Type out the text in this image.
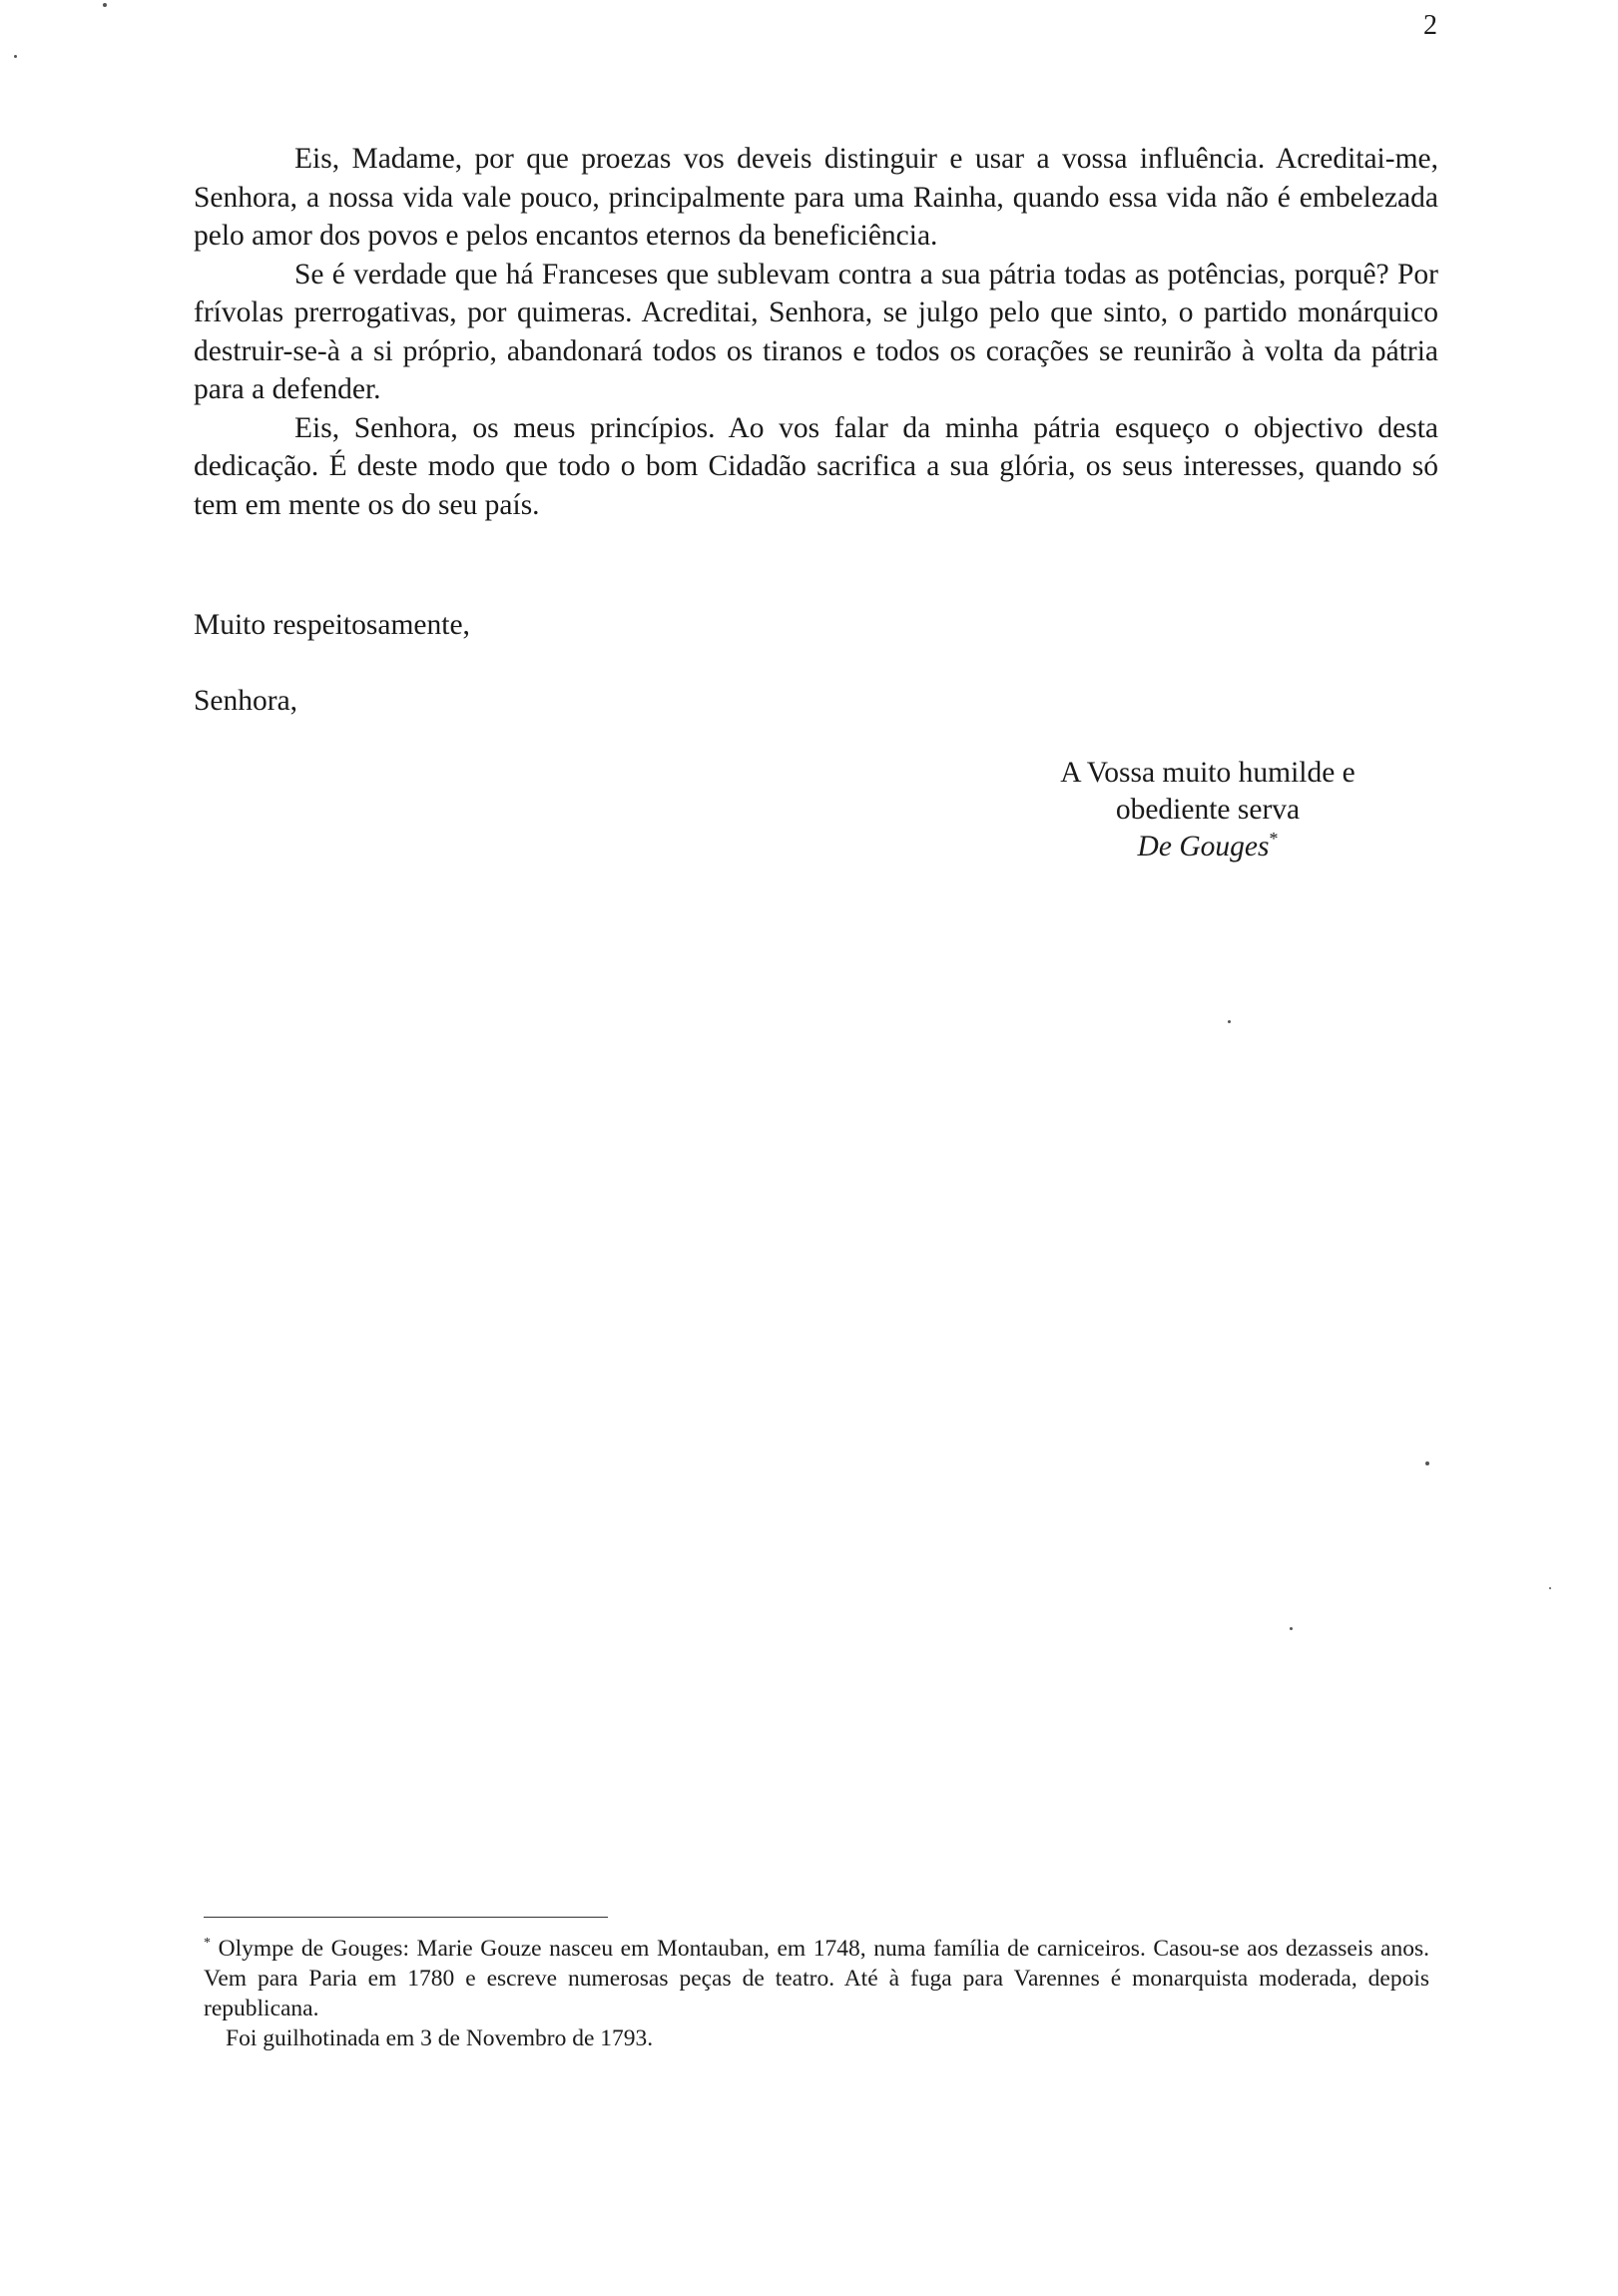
2

Eis, Madame, por que proezas vos deveis distinguir e usar a vossa influência. Acreditai-me, Senhora, a nossa vida vale pouco, principalmente para uma Rainha, quando essa vida não é embelezada pelo amor dos povos e pelos encantos eternos da beneficiência.

Se é verdade que há Franceses que sublevam contra a sua pátria todas as potências, porquê? Por frívolas prerrogativas, por quimeras. Acreditai, Senhora, se julgo pelo que sinto, o partido monárquico destruir-se-à a si próprio, abandonará todos os tiranos e todos os corações se reunirão à volta da pátria para a defender.

Eis, Senhora, os meus princípios. Ao vos falar da minha pátria esqueço o objectivo desta dedicação. É deste modo que todo o bom Cidadão sacrifica a sua glória, os seus interesses, quando só tem em mente os do seu país.

Muito respeitosamente,
Senhora,
A Vossa muito humilde e
obediente serva
De Gouges*

* Olympe de Gouges: Marie Gouze nasceu em Montauban, em 1748, numa família de carniceiros. Casou-se aos dezasseis anos. Vem para Paria em 1780 e escreve numerosas peças de teatro. Até à fuga para Varennes é monarquista moderada, depois republicana.

Foi guilhotinada em 3 de Novembro de 1793.
